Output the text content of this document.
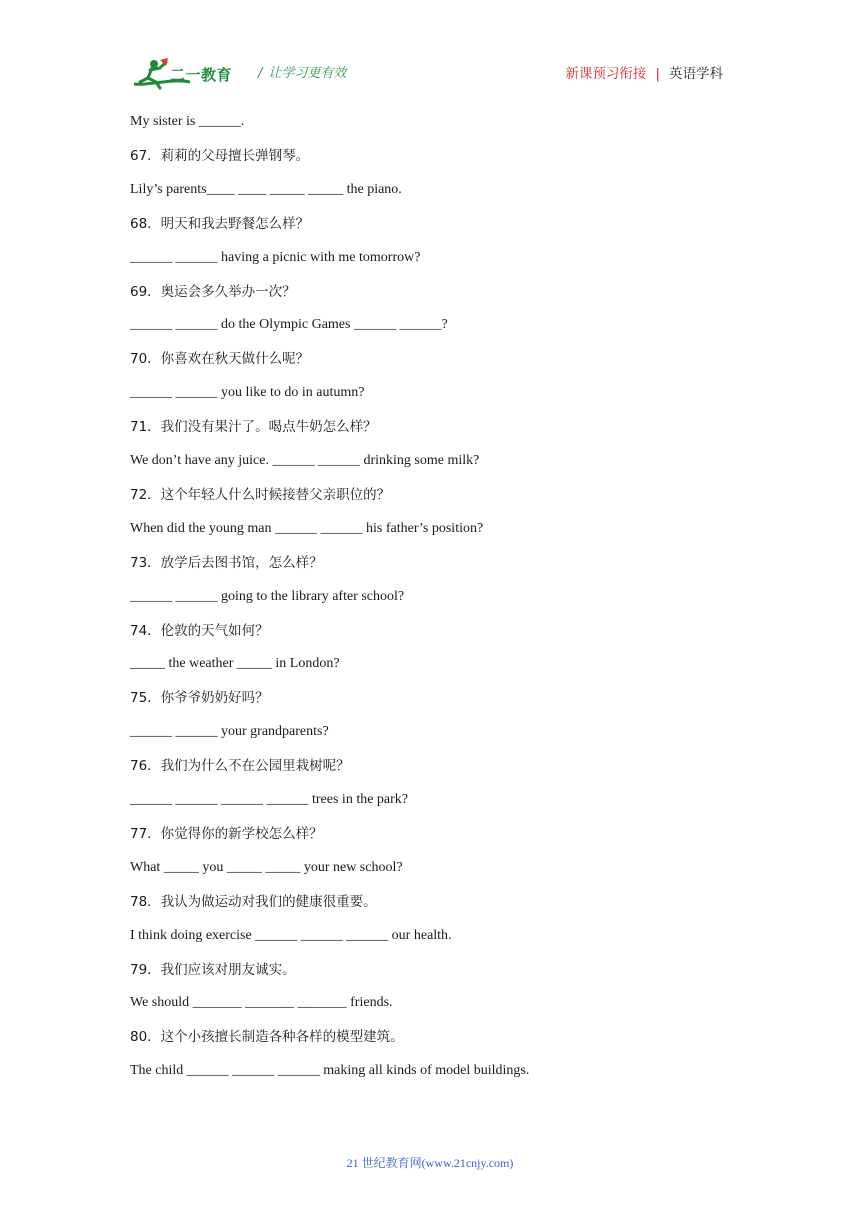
二一教育 / 让学习更有效	新课预习衔接 | 英语学科
My sister is ______.
67．莉莉的父母擅长弹钢琴。
Lily’s parents____ ____ _____ _____ the piano.
68．明天和我去野餐怎么样？
______ ______ having a picnic with me tomorrow?
69．奥运会多久举办一次？
______ ______ do the Olympic Games ______ ______?
70．你喜欢在秋天做什么呢？
______ ______ you like to do in autumn?
71．我们没有果汁了。喝点牛奶怎么样？
We don’t have any juice. ______ ______ drinking some milk?
72．这个年轻人什么时候接替父亲职位的？
When did the young man ______ ______ his father’s position?
73．放学后去图书馆，怎么样？
______ ______ going to the library after school?
74．伦敦的天气如何？
_____ the weather _____ in London?
75．你爷爷奶奶好吗？
______ ______ your grandparents?
76．我们为什么不在公园里栽树呢？
______ ______ ______ ______ trees in the park?
77．你觉得你的新学校怎么样？
What _____ you _____ _____ your new school?
78．我认为做运动对我们的健康很重要。
I think doing exercise ______ ______ ______ our health.
79．我们应该对朋友诚实。
We should _______ _______ _______ friends.
80．这个小孩擅长制造各种各样的模型建筑。
The child ______ ______ ______ making all kinds of model buildings.
21 世纪教育网(www.21cnjy.com)
